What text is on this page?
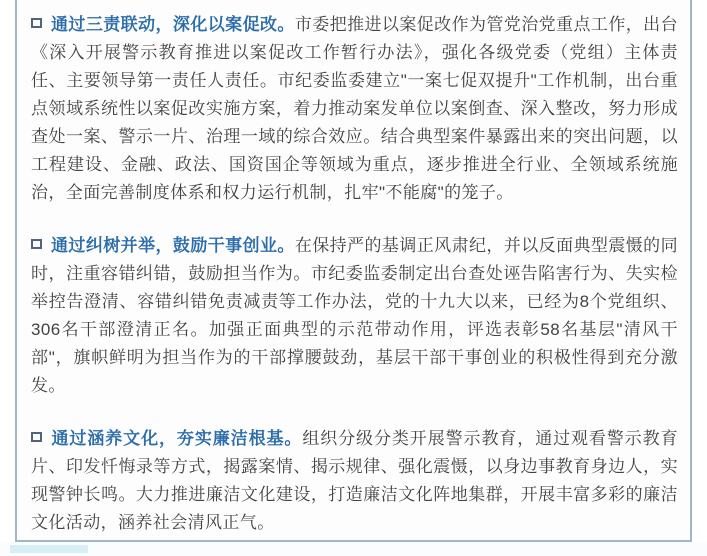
通过三责联动，深化以案促改。市委把推进以案促改作为管党治党重点工作，出台《深入开展警示教育推进以案促改工作暂行办法》，强化各级党委（党组）主体责任、主要领导第一责任人责任。市纪委监委建立"一案七促双提升"工作机制，出台重点领域系统性以案促改实施方案，着力推动案发单位以案倒查、深入整改，努力形成查处一案、警示一片、治理一域的综合效应。结合典型案件暴露出来的突出问题，以工程建设、金融、政法、国资国企等领域为重点，逐步推进全行业、全领域系统施治，全面完善制度体系和权力运行机制，扎牢"不能腐"的笼子。

通过纠树并举，鼓励干事创业。在保持严的基调正风肃纪，并以反面典型震慑的同时，注重容错纠错，鼓励担当作为。市纪委监委制定出台查处诬告陷害行为、失实检举控告澄清、容错纠错免责减责等工作办法，党的十九大以来，已经为8个党组织、306名干部澄清正名。加强正面典型的示范带动作用，评选表彰58名基层"清风干部"，旗帜鲜明为担当作为的干部撑腰鼓劲，基层干部干事创业的积极性得到充分激发。

通过涵养文化，夯实廉洁根基。组织分级分类开展警示教育，通过观看警示教育片、印发忏悔录等方式，揭露案情、揭示规律、强化震慑，以身边事教育身边人，实现警钟长鸣。大力推进廉洁文化建设，打造廉洁文化阵地集群，开展丰富多彩的廉洁文化活动，涵养社会清风正气。
